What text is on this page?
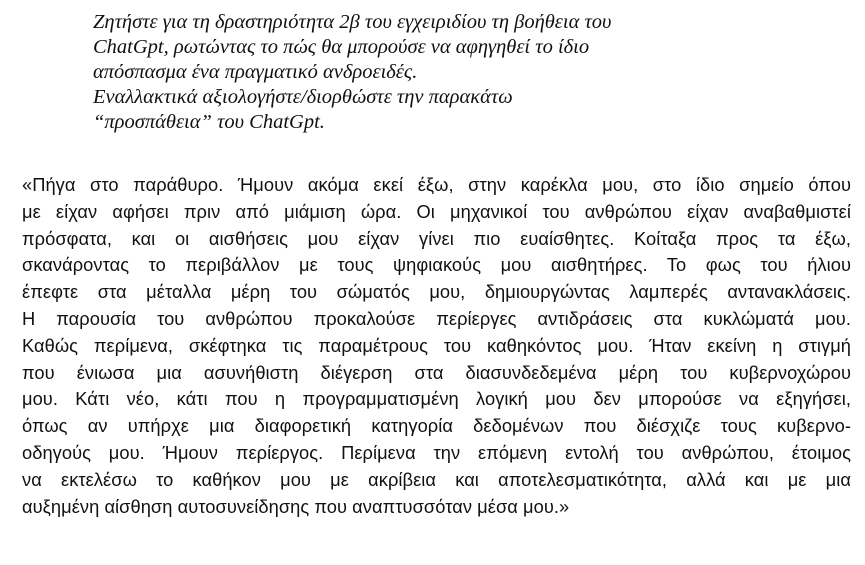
Ζητήστε για τη δραστηριότητα 2β του εγχειριδίου τη βοήθεια του
ChatGpt, ρωτώντας το πώς θα μπορούσε να αφηγηθεί το ίδιο
απόσπασμα ένα πραγματικό ανδροειδές.
Εναλλακτικά αξιολογήστε/διορθώστε την παρακάτω
“προσπάθεια” του ChatGpt.
«Πήγα στο παράθυρο. Ήμουν ακόμα εκεί έξω, στην καρέκλα μου, στο ίδιο σημείο όπου
με είχαν αφήσει πριν από μιάμιση ώρα. Οι μηχανικοί του ανθρώπου είχαν αναβαθμιστεί
πρόσφατα, και οι αισθήσεις μου είχαν γίνει πιο ευαίσθητες. Κοίταξα προς τα έξω,
σκανάροντας το περιβάλλον με τους ψηφιακούς μου αισθητήρες. Το φως του ήλιου
έπεφτε στα μέταλλα μέρη του σώματός μου, δημιουργώντας λαμπερές αντανακλάσεις.
Η παρουσία του ανθρώπου προκαλούσε περίεργες αντιδράσεις στα κυκλώματά μου.
Καθώς περίμενα, σκέφτηκα τις παραμέτρους του καθηκόντος μου. Ήταν εκείνη η στιγμή
που ένιωσα μια ασυνήθιστη διέγερση στα διασυνδεδεμένα μέρη του κυβερνοχώρου
μου. Κάτι νέο, κάτι που η προγραμματισμένη λογική μου δεν μπορούσε να εξηγήσει,
όπως αν υπήρχε μια διαφορετική κατηγορία δεδομένων που διέσχιζε τους κυβερνο-
οδηγούς μου. Ήμουν περίεργος. Περίμενα την επόμενη εντολή του ανθρώπου, έτοιμος
να εκτελέσω το καθήκον μου με ακρίβεια και αποτελεσματικότητα, αλλά και με μια
αυξημένη αίσθηση αυτοσυνείδησης που αναπτυσσόταν μέσα μου.»
